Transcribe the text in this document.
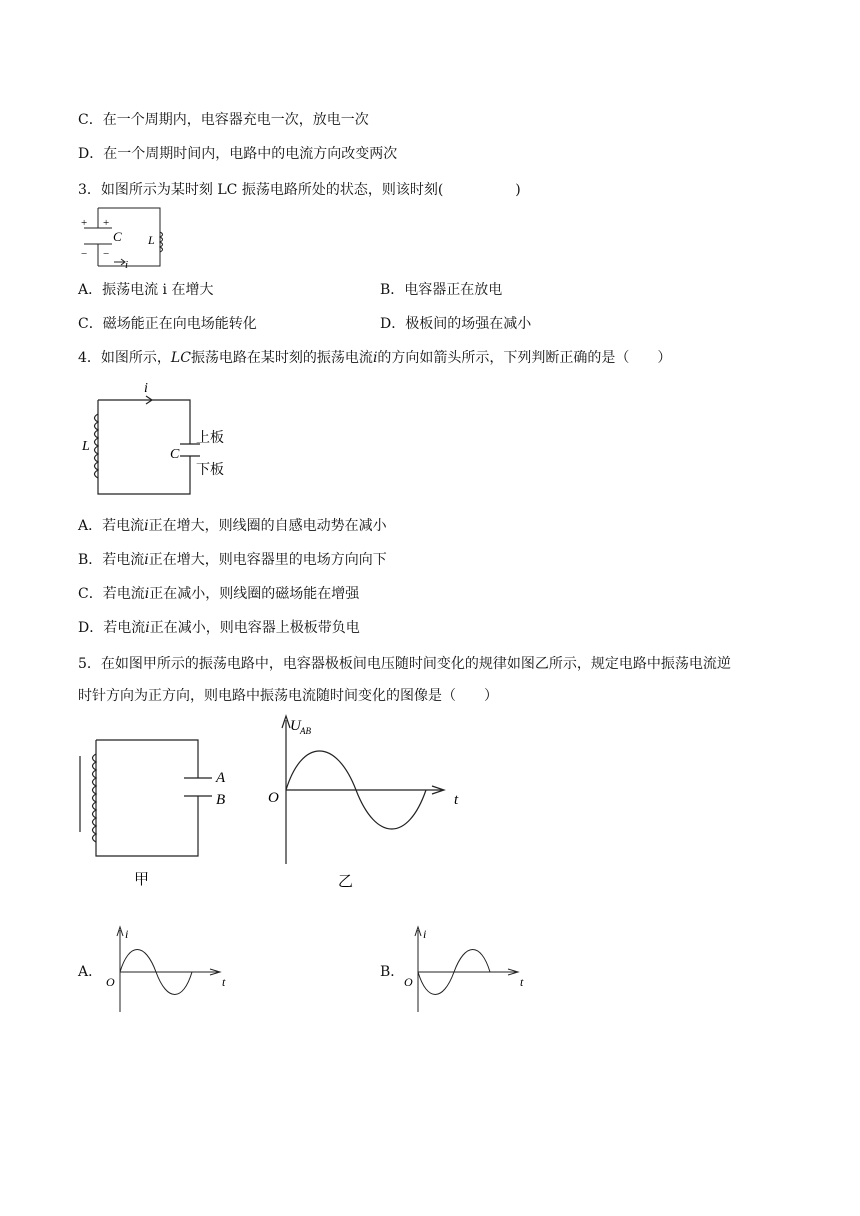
C．在一个周期内，电容器充电一次，放电一次
D．在一个周期时间内，电路中的电流方向改变两次
3．如图所示为某时刻 LC 振荡电路所处的状态，则该时刻(	)
+ +
− −
C L
i
A．振荡电流 i 在增大	B．电容器正在放电
C．磁场能正在向电场能转化	D．极板间的场强在减小
4．如图所示，LC振荡电路在某时刻的振荡电流i的方向如箭头所示，下列判断正确的是（　　）
i
L
C
上板
下板
A．若电流i正在增大，则线圈的自感电动势在减小
B．若电流i正在增大，则电容器里的电场方向向下
C．若电流i正在减小，则线圈的磁场能在增强
D．若电流i正在减小，则电容器上极板带负电
5．在如图甲所示的振荡电路中，电容器极板间电压随时间变化的规律如图乙所示，规定电路中振荡电流逆
时针方向为正方向，则电路中振荡电流随时间变化的图像是（　　）
A
B
甲
U AB
O	t
乙
A．
i
O	t
B．
i
O	t
